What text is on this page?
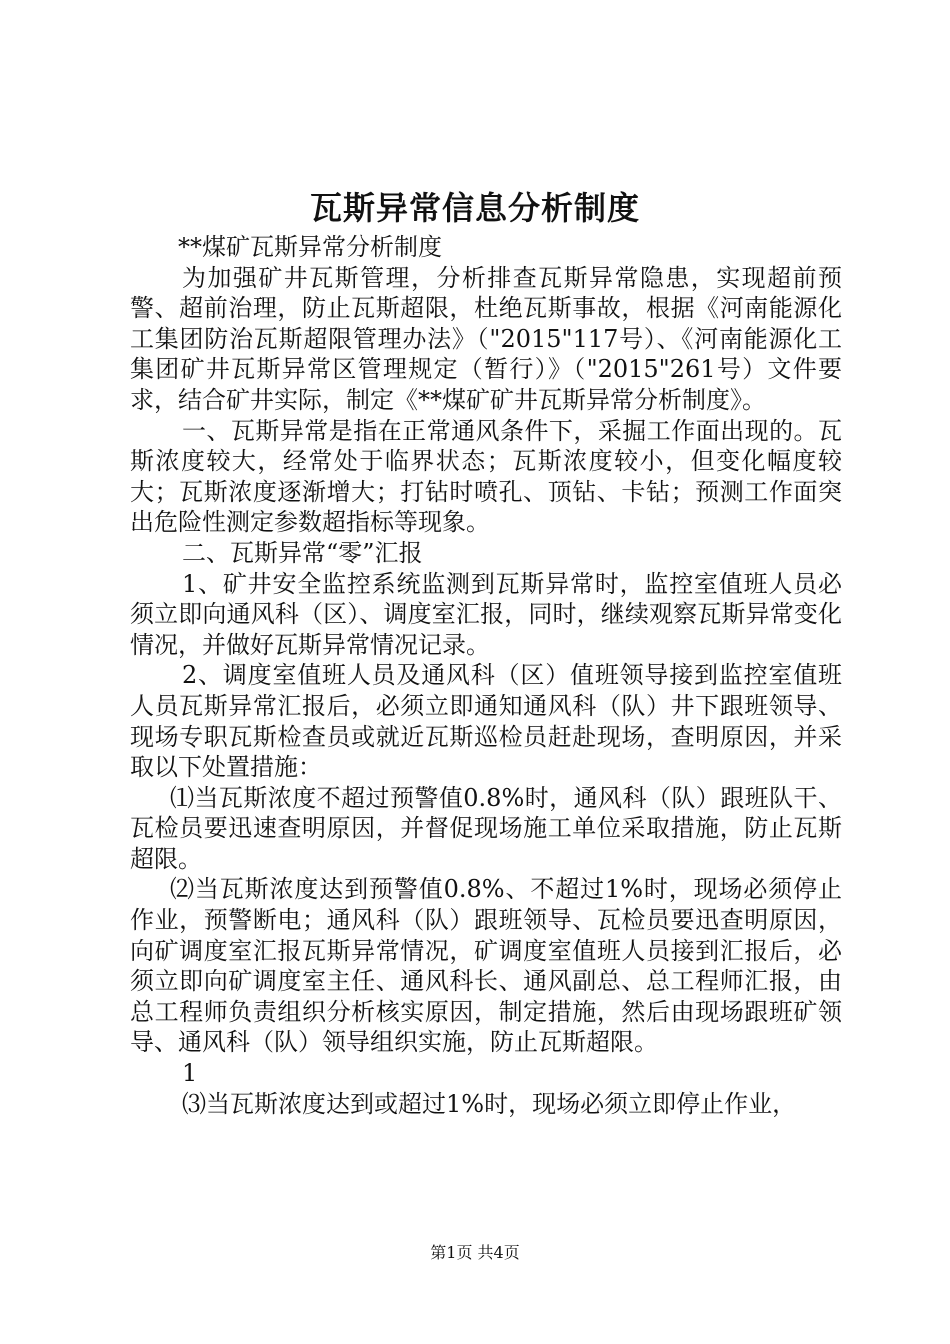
瓦斯异常信息分析制度

**煤矿瓦斯异常分析制度

为加强矿井瓦斯管理，分析排查瓦斯异常隐患，实现超前预警、超前治理，防止瓦斯超限，杜绝瓦斯事故，根据《河南能源化工集团防治瓦斯超限管理办法》（"2015"117号）、《河南能源化工集团矿井瓦斯异常区管理规定（暂行）》（"2015"261号）文件要求，结合矿井实际，制定《**煤矿矿井瓦斯异常分析制度》。

一、瓦斯异常是指在正常通风条件下，采掘工作面出现的。瓦斯浓度较大，经常处于临界状态；瓦斯浓度较小，但变化幅度较大；瓦斯浓度逐渐增大；打钻时喷孔、顶钻、卡钻；预测工作面突出危险性测定参数超指标等现象。

二、瓦斯异常“零”汇报

1、矿井安全监控系统监测到瓦斯异常时，监控室值班人员必须立即向通风科（区）、调度室汇报，同时，继续观察瓦斯异常变化情况，并做好瓦斯异常情况记录。

2、调度室值班人员及通风科（区）值班领导接到监控室值班人员瓦斯异常汇报后，必须立即通知通风科（队）井下跟班领导、现场专职瓦斯检查员或就近瓦斯巡检员赶赴现场，查明原因，并采取以下处置措施：

⑴当瓦斯浓度不超过预警值0.8%时，通风科（队）跟班队干、瓦检员要迅速查明原因，并督促现场施工单位采取措施，防止瓦斯超限。

⑵当瓦斯浓度达到预警值0.8%、不超过1%时，现场必须停止作业，预警断电；通风科（队）跟班领导、瓦检员要迅查明原因，向矿调度室汇报瓦斯异常情况，矿调度室值班人员接到汇报后，必须立即向矿调度室主任、通风科长、通风副总、总工程师汇报，由总工程师负责组织分析核实原因，制定措施，然后由现场跟班矿领导、通风科（队）领导组织实施，防止瓦斯超限。

1

⑶当瓦斯浓度达到或超过1%时，现场必须立即停止作业，

第1页 共4页
